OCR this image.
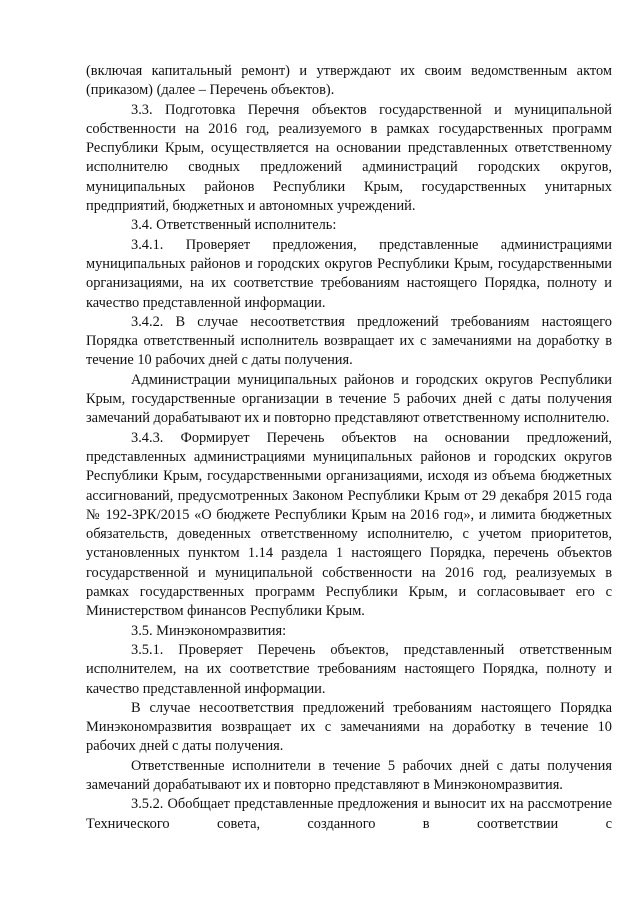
(включая капитальный ремонт) и утверждают их своим ведомственным актом (приказом) (далее – Перечень объектов).

3.3. Подготовка Перечня объектов государственной и муниципальной собственности на 2016 год, реализуемого в рамках государственных программ Республики Крым, осуществляется на основании представленных ответственному исполнителю сводных предложений администраций городских округов, муниципальных районов Республики Крым, государственных унитарных предприятий, бюджетных и автономных учреждений.

3.4. Ответственный исполнитель:

3.4.1. Проверяет предложения, представленные администрациями муниципальных районов и городских округов Республики Крым, государственными организациями, на их соответствие требованиям настоящего Порядка, полноту и качество представленной информации.

3.4.2. В случае несоответствия предложений требованиям настоящего Порядка ответственный исполнитель возвращает их с замечаниями на доработку в течение 10 рабочих дней с даты получения.

Администрации муниципальных районов и городских округов Республики Крым, государственные организации в течение 5 рабочих дней с даты получения замечаний дорабатывают их и повторно представляют ответственному исполнителю.

3.4.3. Формирует Перечень объектов на основании предложений, представленных администрациями муниципальных районов и городских округов Республики Крым, государственными организациями, исходя из объема бюджетных ассигнований, предусмотренных Законом Республики Крым от 29 декабря 2015 года № 192-ЗРК/2015 «О бюджете Республики Крым на 2016 год», и лимита бюджетных обязательств, доведенных ответственному исполнителю, с учетом приоритетов, установленных пунктом 1.14 раздела 1 настоящего Порядка, перечень объектов государственной и муниципальной собственности на 2016 год, реализуемых в рамках государственных программ Республики Крым, и согласовывает его с Министерством финансов Республики Крым.

3.5. Минэкономразвития:

3.5.1. Проверяет Перечень объектов, представленный ответственным исполнителем, на их соответствие требованиям настоящего Порядка, полноту и качество представленной информации.

В случае несоответствия предложений требованиям настоящего Порядка Минэкономразвития возвращает их с замечаниями на доработку в течение 10 рабочих дней с даты получения.

Ответственные исполнители в течение 5 рабочих дней с даты получения замечаний дорабатывают их и повторно представляют в Минэкономразвития.

3.5.2. Обобщает представленные предложения и выносит их на рассмотрение Технического совета, созданного в соответствии с
